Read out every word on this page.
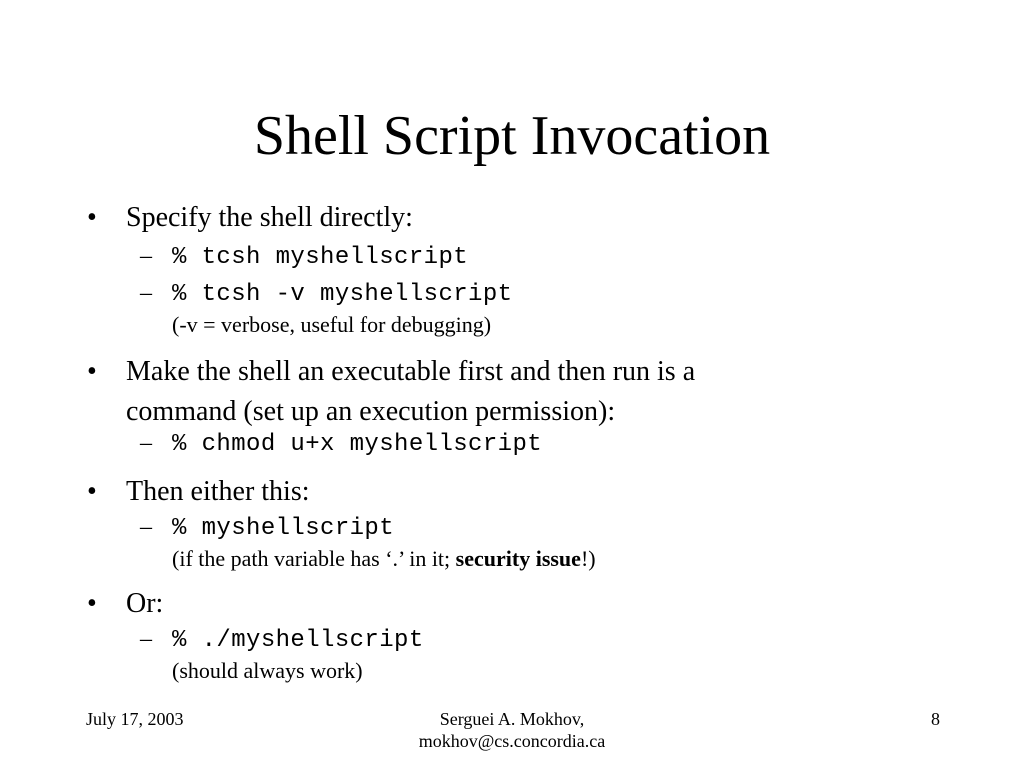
Shell Script Invocation
• Specify the shell directly:
– % tcsh myshellscript
– % tcsh -v myshellscript
(-v = verbose, useful for debugging)
• Make the shell an executable first and then run is a
command (set up an execution permission):
– % chmod u+x myshellscript
• Then either this:
– % myshellscript
(if the path variable has ‘.’ in it; security issue!)
• Or:
– % ./myshellscript
(should always work)
July 17, 2003	Serguei A. Mokhov,
mokhov@cs.concordia.ca
8
